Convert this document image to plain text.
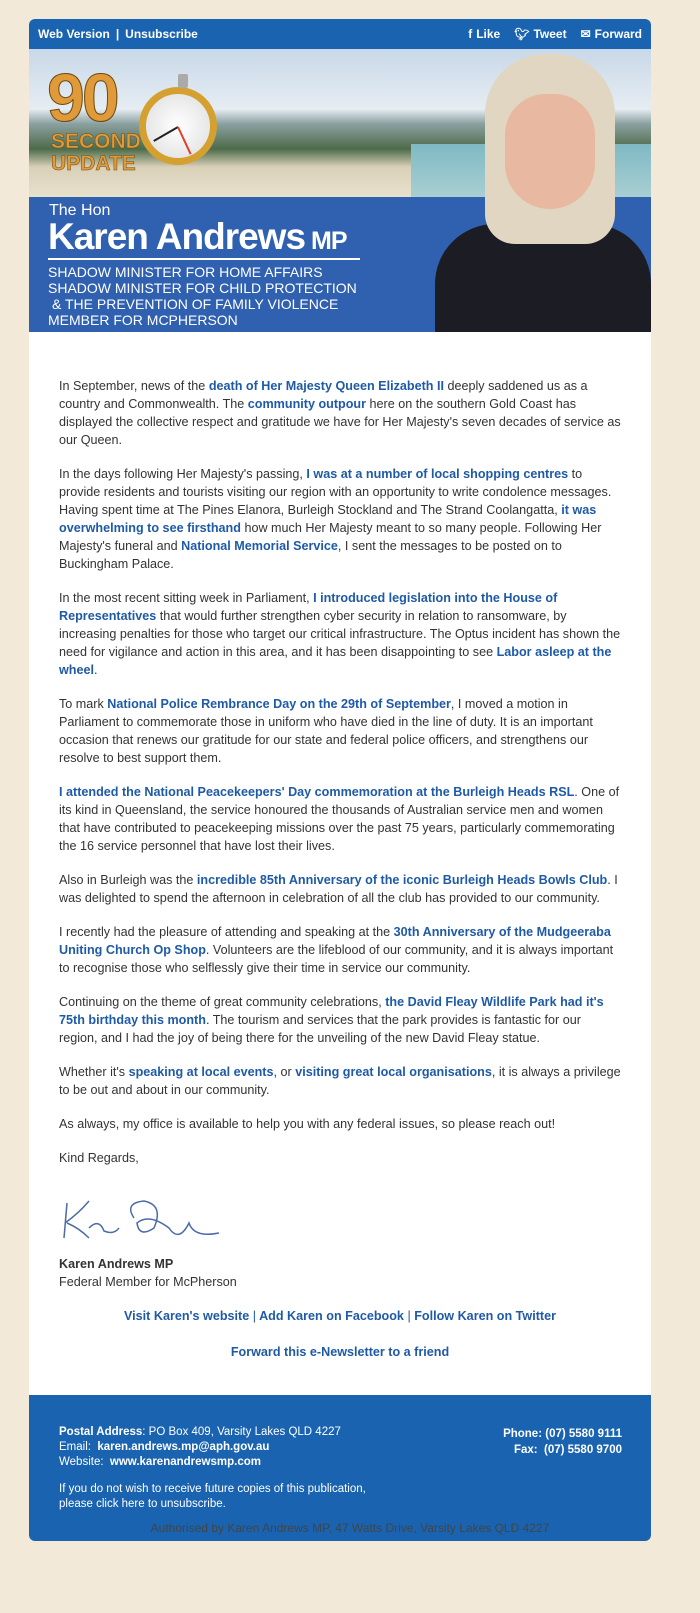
Web Version | Unsubscribe	f Like 🐦︎ Tweet ✉ Forward
90
SECOND
UPDATE
The Hon
Karen Andrews MP
SHADOW MINISTER FOR HOME AFFAIRS
SHADOW MINISTER FOR CHILD PROTECTION
& THE PREVENTION OF FAMILY VIOLENCE
MEMBER FOR MCPHERSON

In September, news of the death of Her Majesty Queen Elizabeth II deeply saddened us as a country and Commonwealth. The community outpour here on the southern Gold Coast has displayed the collective respect and gratitude we have for Her Majesty's seven decades of service as our Queen.

In the days following Her Majesty's passing, I was at a number of local shopping centres to provide residents and tourists visiting our region with an opportunity to write condolence messages. Having spent time at The Pines Elanora, Burleigh Stockland and The Strand Coolangatta, it was overwhelming to see firsthand how much Her Majesty meant to so many people. Following Her Majesty's funeral and National Memorial Service, I sent the messages to be posted on to Buckingham Palace.

In the most recent sitting week in Parliament, I introduced legislation into the House of Representatives that would further strengthen cyber security in relation to ransomware, by increasing penalties for those who target our critical infrastructure. The Optus incident has shown the need for vigilance and action in this area, and it has been disappointing to see Labor asleep at the wheel.

To mark National Police Rembrance Day on the 29th of September, I moved a motion in Parliament to commemorate those in uniform who have died in the line of duty. It is an important occasion that renews our gratitude for our state and federal police officers, and strengthens our resolve to best support them.

I attended the National Peacekeepers' Day commemoration at the Burleigh Heads RSL. One of its kind in Queensland, the service honoured the thousands of Australian service men and women that have contributed to peacekeeping missions over the past 75 years, particularly commemorating the 16 service personnel that have lost their lives.

Also in Burleigh was the incredible 85th Anniversary of the iconic Burleigh Heads Bowls Club. I was delighted to spend the afternoon in celebration of all the club has provided to our community.

I recently had the pleasure of attending and speaking at the 30th Anniversary of the Mudgeeraba Uniting Church Op Shop. Volunteers are the lifeblood of our community, and it is always important to recognise those who selflessly give their time in service our community.

Continuing on the theme of great community celebrations, the David Fleay Wildlife Park had it's 75th birthday this month. The tourism and services that the park provides is fantastic for our region, and I had the joy of being there for the unveiling of the new David Fleay statue.

Whether it's speaking at local events, or visiting great local organisations, it is always a privilege to be out and about in our community.

As always, my office is available to help you with any federal issues, so please reach out!

Kind Regards,

Karen Andrews MP
Federal Member for McPherson
Visit Karen's website | Add Karen on Facebook | Follow Karen on Twitter
Forward this e-Newsletter to a friend
Postal Address: PO Box 409, Varsity Lakes QLD 4227
Email: karen.andrews.mp@aph.gov.au
Website: www.karenandrewsmp.com
If you do not wish to receive future copies of this publication,
please click here to unsubscribe.
Phone: (07) 5580 9111
Fax: (07) 5580 9700
Authorised by Karen Andrews MP, 47 Watts Drive, Varsity Lakes QLD 4227
